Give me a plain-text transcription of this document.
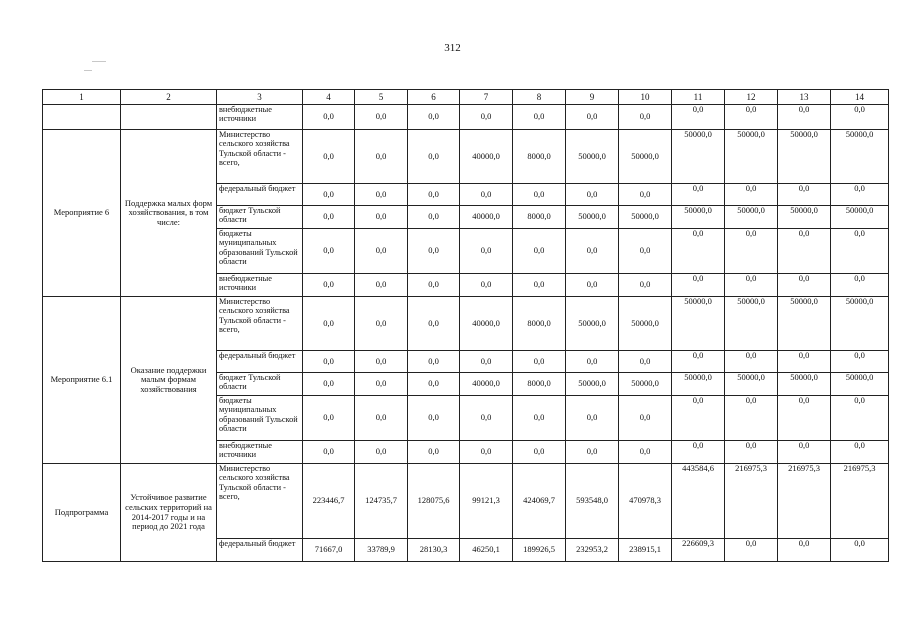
312
1	2	3	4	5	6	7	8	9	10	11	12	13	14
		внебюджетные источники	0,0	0,0	0,0	0,0	0,0	0,0	0,0	0,0	0,0	0,0	0,0
Мероприятие 6	Поддержка малых форм хозяйствования, в том числе:	Министерство сельского хозяйства Тульской области - всего,	0,0	0,0	0,0	40000,0	8000,0	50000,0	50000,0	50000,0	50000,0	50000,0	50000,0
		федеральный бюджет	0,0	0,0	0,0	0,0	0,0	0,0	0,0	0,0	0,0	0,0	0,0
		бюджет Тульской области	0,0	0,0	0,0	40000,0	8000,0	50000,0	50000,0	50000,0	50000,0	50000,0	50000,0
		бюджеты муниципальных образований Тульской области	0,0	0,0	0,0	0,0	0,0	0,0	0,0	0,0	0,0	0,0	0,0
		внебюджетные источники	0,0	0,0	0,0	0,0	0,0	0,0	0,0	0,0	0,0	0,0	0,0
Мероприятие 6.1	Оказание поддержки малым формам хозяйствования	Министерство сельского хозяйства Тульской области - всего,	0,0	0,0	0,0	40000,0	8000,0	50000,0	50000,0	50000,0	50000,0	50000,0	50000,0
		федеральный бюджет	0,0	0,0	0,0	0,0	0,0	0,0	0,0	0,0	0,0	0,0	0,0
		бюджет Тульской области	0,0	0,0	0,0	40000,0	8000,0	50000,0	50000,0	50000,0	50000,0	50000,0	50000,0
		бюджеты муниципальных образований Тульской области	0,0	0,0	0,0	0,0	0,0	0,0	0,0	0,0	0,0	0,0	0,0
		внебюджетные источники	0,0	0,0	0,0	0,0	0,0	0,0	0,0	0,0	0,0	0,0	0,0
Подпрограмма	Устойчивое развитие сельских территорий на 2014-2017 годы и на период до 2021 года	Министерство сельского хозяйства Тульской области - всего,	223446,7	124735,7	128075,6	99121,3	424069,7	593548,0	470978,3	443584,6	216975,3	216975,3	216975,3
		федеральный бюджет	71667,0	33789,9	28130,3	46250,1	189926,5	232953,2	238915,1	226609,3	0,0	0,0	0,0
